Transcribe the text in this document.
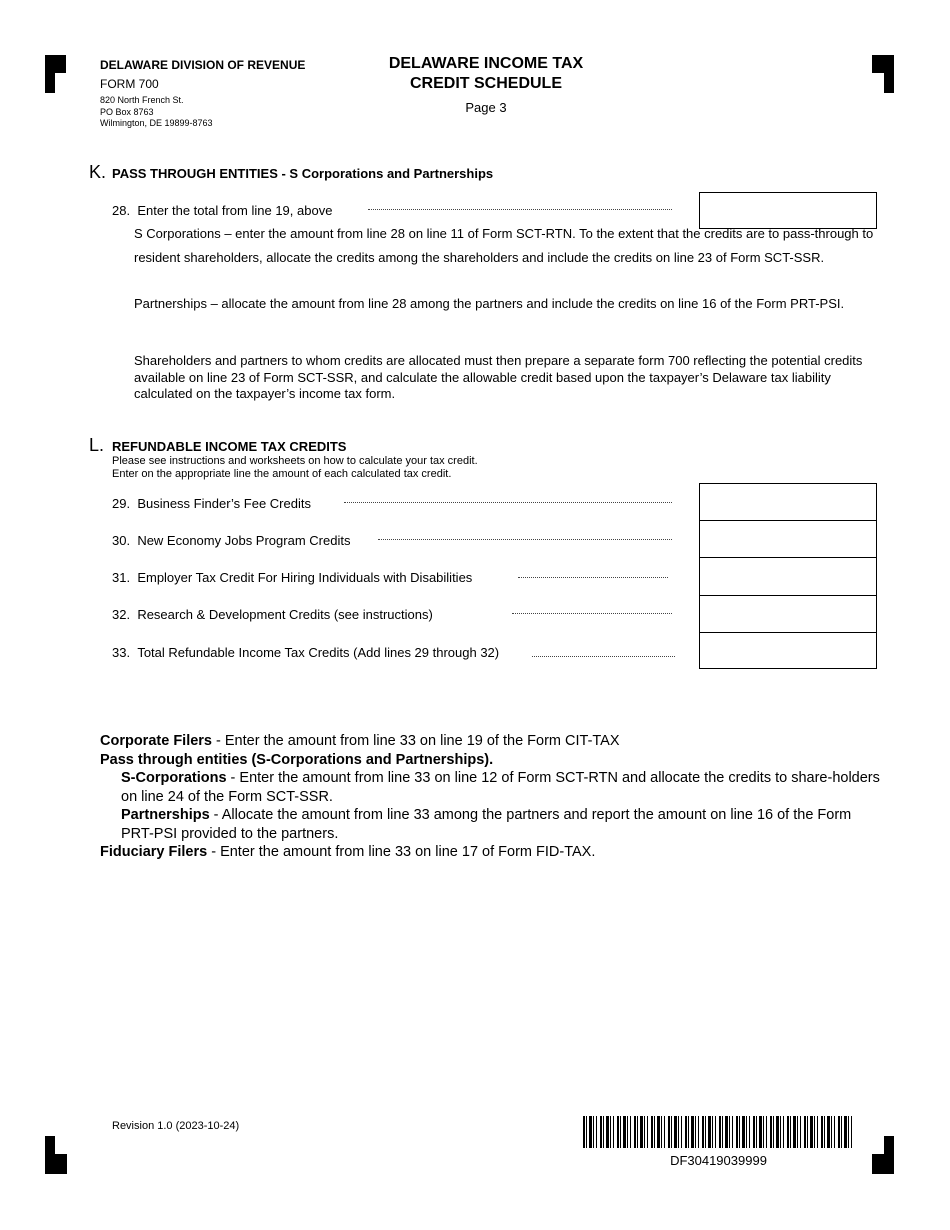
DELAWARE DIVISION OF REVENUE
FORM 700
820 North French St.
PO Box 8763
Wilmington, DE 19899-8763
DELAWARE INCOME TAX
CREDIT SCHEDULE
Page 3
K. PASS THROUGH ENTITIES - S Corporations and Partnerships
28. Enter the total from line 19, above
S Corporations – enter the amount from line 28 on line 11 of Form SCT-RTN. To the extent that the credits are to pass-through to resident shareholders, allocate the credits among the shareholders and include the credits on line 23 of Form SCT-SSR.
Partnerships – allocate the amount from line 28 among the partners and include the credits on line 16 of the Form PRT-PSI.
Shareholders and partners to whom credits are allocated must then prepare a separate form 700 reflecting the potential credits available on line 23 of Form SCT-SSR, and calculate the allowable credit based upon the taxpayer’s Delaware tax liability calculated on the taxpayer’s income tax form.
L. REFUNDABLE INCOME TAX CREDITS
Please see instructions and worksheets on how to calculate your tax credit.
Enter on the appropriate line the amount of each calculated tax credit.
29. Business Finder’s Fee Credits
30. New Economy Jobs Program Credits
31. Employer Tax Credit For Hiring Individuals with Disabilities
32. Research & Development Credits (see instructions)
33. Total Refundable Income Tax Credits (Add lines 29 through 32)
Corporate Filers - Enter the amount from line 33 on line 19 of the Form CIT-TAX
Pass through entities (S-Corporations and Partnerships).
S-Corporations - Enter the amount from line 33 on line 12 of Form SCT-RTN and allocate the credits to share-holders on line 24 of the Form SCT-SSR.
Partnerships - Allocate the amount from line 33 among the partners and report the amount on line 16 of the Form PRT-PSI provided to the partners.
Fiduciary Filers - Enter the amount from line 33 on line 17 of Form FID-TAX.
Revision 1.0 (2023-10-24)
DF30419039999
